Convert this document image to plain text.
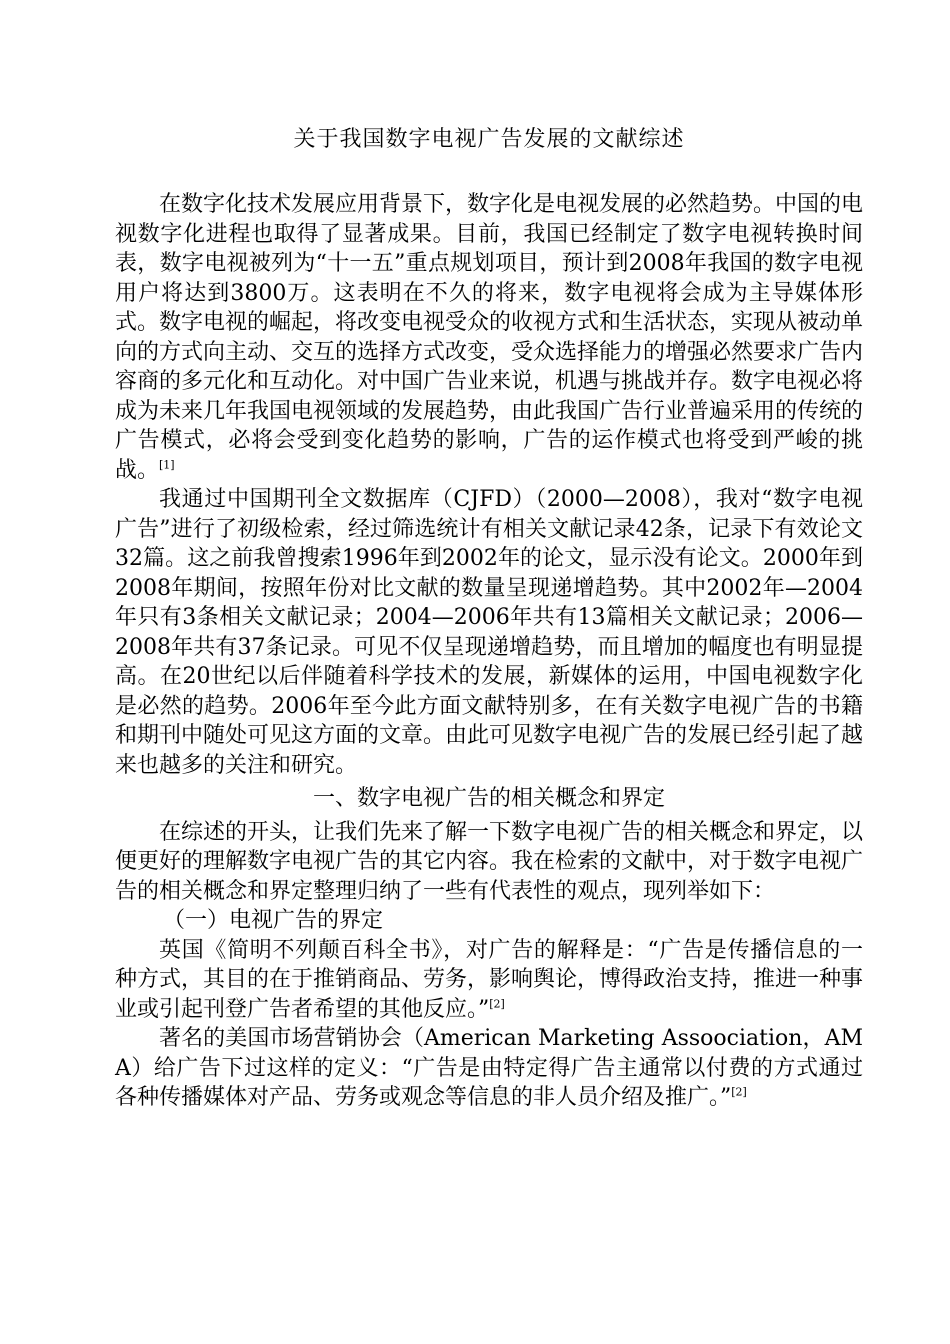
关于我国数字电视广告发展的文献综述

在数字化技术发展应用背景下，数字化是电视发展的必然趋势。中国的电视数字化进程也取得了显著成果。目前，我国已经制定了数字电视转换时间表，数字电视被列为“十一五”重点规划项目，预计到2008年我国的数字电视用户将达到3800万。这表明在不久的将来，数字电视将会成为主导媒体形式。数字电视的崛起，将改变电视受众的收视方式和生活状态，实现从被动单向的方式向主动、交互的选择方式改变，受众选择能力的增强必然要求广告内容商的多元化和互动化。对中国广告业来说，机遇与挑战并存。数字电视必将成为未来几年我国电视领域的发展趋势，由此我国广告行业普遍采用的传统的广告模式，必将会受到变化趋势的影响，广告的运作模式也将受到严峻的挑战。[1]

我通过中国期刊全文数据库（CJFD）（2000—2008），我对“数字电视广告”进行了初级检索，经过筛选统计有相关文献记录42条，记录下有效论文32篇。这之前我曾搜索1996年到2002年的论文，显示没有论文。2000年到2008年期间，按照年份对比文献的数量呈现递增趋势。其中2002年—2004年只有3条相关文献记录；2004—2006年共有13篇相关文献记录；2006—2008年共有37条记录。可见不仅呈现递增趋势，而且增加的幅度也有明显提高。在20世纪以后伴随着科学技术的发展，新媒体的运用，中国电视数字化是必然的趋势。2006年至今此方面文献特别多，在有关数字电视广告的书籍和期刊中随处可见这方面的文章。由此可见数字电视广告的发展已经引起了越来也越多的关注和研究。

一、数字电视广告的相关概念和界定

在综述的开头，让我们先来了解一下数字电视广告的相关概念和界定，以便更好的理解数字电视广告的其它内容。我在检索的文献中，对于数字电视广告的相关概念和界定整理归纳了一些有代表性的观点，现列举如下：

（一）电视广告的界定

英国《简明不列颠百科全书》，对广告的解释是：“广告是传播信息的一种方式，其目的在于推销商品、劳务，影响舆论，博得政治支持，推进一种事业或引起刊登广告者希望的其他反应。”[2]

著名的美国市场营销协会（American Marketing Assoociation，AMA）给广告下过这样的定义：“广告是由特定得广告主通常以付费的方式通过各种传播媒体对产品、劳务或观念等信息的非人员介绍及推广。”[2]
